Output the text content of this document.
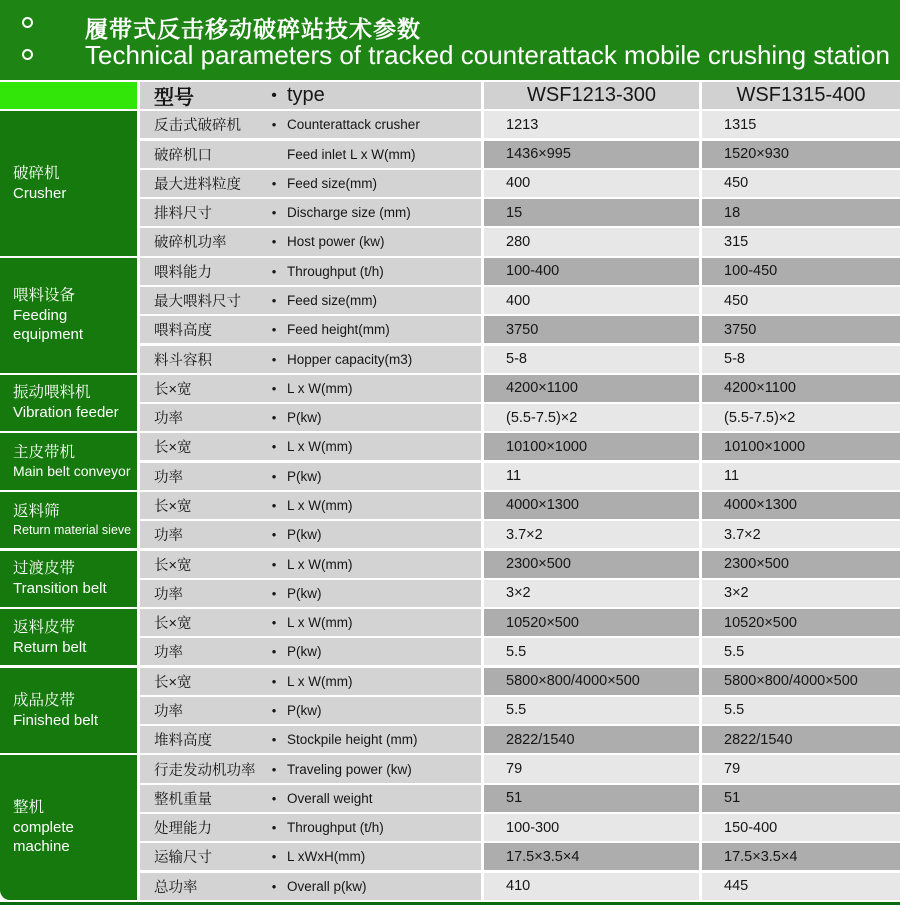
履带式反击移动破碎站技术参数
Technical parameters of tracked counterattack mobile crushing station
型号	• type	WSF1213-300	WSF1315-400
破碎机
Crusher
反击式破碎机	• Counterattack crusher	1213	1315
破碎机口	Feed inlet L x W(mm)	1436×995	1520×930
最大进料粒度	• Feed size(mm)	400	450
排料尺寸	• Discharge size (mm)	15	18
破碎机功率	• Host power (kw)	280	315
喂料设备
Feeding equipment
喂料能力	• Throughput (t/h)	100-400	100-450
最大喂料尺寸	• Feed size(mm)	400	450
喂料高度	• Feed height(mm)	3750	3750
料斗容积	• Hopper capacity(m3)	5-8	5-8
振动喂料机
Vibration feeder
长×宽	• L x W(mm)	4200×1100	4200×1100
功率	• P(kw)	(5.5-7.5)×2	(5.5-7.5)×2
主皮带机
Main belt conveyor
长×宽	• L x W(mm)	10100×1000	10100×1000
功率	• P(kw)	11	11
返料筛
Return material sieve
长×宽	• L x W(mm)	4000×1300	4000×1300
功率	• P(kw)	3.7×2	3.7×2
过渡皮带
Transition belt
长×宽	• L x W(mm)	2300×500	2300×500
功率	• P(kw)	3×2	3×2
返料皮带
Return belt
长×宽	• L x W(mm)	10520×500	10520×500
功率	• P(kw)	5.5	5.5
成品皮带
Finished belt
长×宽	• L x W(mm)	5800×800/4000×500	5800×800/4000×500
功率	• P(kw)	5.5	5.5
堆料高度	• Stockpile height (mm)	2822/1540	2822/1540
整机
complete machine
行走发动机功率	• Traveling power (kw)	79	79
整机重量	• Overall weight	51	51
处理能力	• Throughput (t/h)	100-300	150-400
运输尺寸	• L xWxH(mm)	17.5×3.5×4	17.5×3.5×4
总功率	• Overall p(kw)	410	445
